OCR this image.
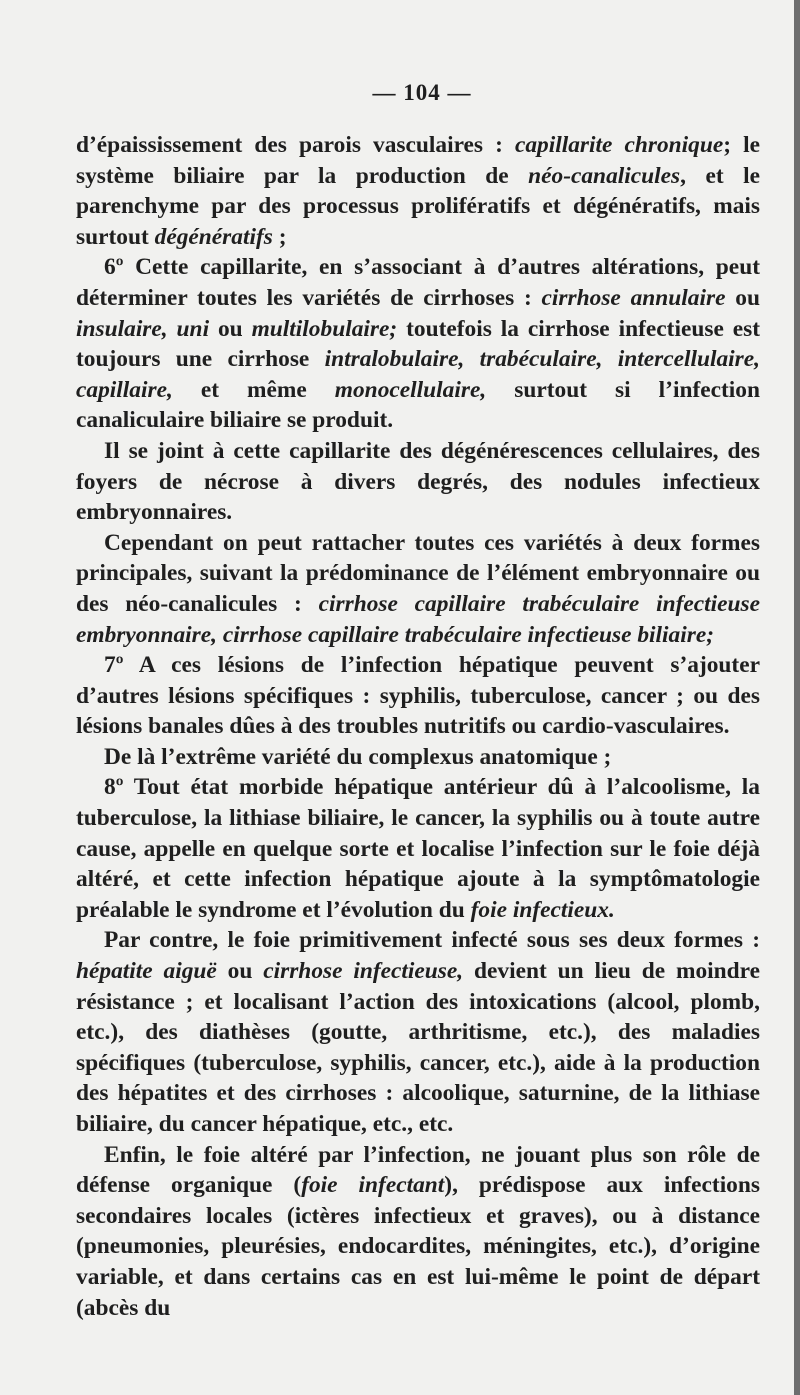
— 104 —

d’épaississement des parois vasculaires : capillarite chronique; le système biliaire par la production de néo-canalicules, et le parenchyme par des processus prolifératifs et dégénératifs, mais surtout dégénératifs ;

6º Cette capillarite, en s’associant à d’autres altérations, peut déterminer toutes les variétés de cirrhoses : cirrhose annulaire ou insulaire, uni ou multilobulaire; toutefois la cirrhose infectieuse est toujours une cirrhose intralobulaire, trabéculaire, intercellulaire, capillaire, et même monocellulaire, surtout si l’infection canaliculaire biliaire se produit.

Il se joint à cette capillarite des dégénérescences cellulaires, des foyers de nécrose à divers degrés, des nodules infectieux embryonnaires.

Cependant on peut rattacher toutes ces variétés à deux formes principales, suivant la prédominance de l’élément embryonnaire ou des néo-canalicules : cirrhose capillaire trabéculaire infectieuse embryonnaire, cirrhose capillaire trabéculaire infectieuse biliaire;

7º A ces lésions de l’infection hépatique peuvent s’ajouter d’autres lésions spécifiques : syphilis, tuberculose, cancer ; ou des lésions banales dûes à des troubles nutritifs ou cardio-vasculaires.

De là l’extrême variété du complexus anatomique ;

8º Tout état morbide hépatique antérieur dû à l’alcoolisme, la tuberculose, la lithiase biliaire, le cancer, la syphilis ou à toute autre cause, appelle en quelque sorte et localise l’infection sur le foie déjà altéré, et cette infection hépatique ajoute à la symptômatologie préalable le syndrome et l’évolution du foie infectieux.

Par contre, le foie primitivement infecté sous ses deux formes : hépatite aiguë ou cirrhose infectieuse, devient un lieu de moindre résistance ; et localisant l’action des intoxications (alcool, plomb, etc.), des diathèses (goutte, arthritisme, etc.), des maladies spécifiques (tuberculose, syphilis, cancer, etc.), aide à la production des hépatites et des cirrhoses : alcoolique, saturnine, de la lithiase biliaire, du cancer hépatique, etc., etc.

Enfin, le foie altéré par l’infection, ne jouant plus son rôle de défense organique (foie infectant), prédispose aux infections secondaires locales (ictères infectieux et graves), ou à distance (pneumonies, pleurésies, endocardites, méningites, etc.), d’origine variable, et dans certains cas en est lui-même le point de départ (abcès du
